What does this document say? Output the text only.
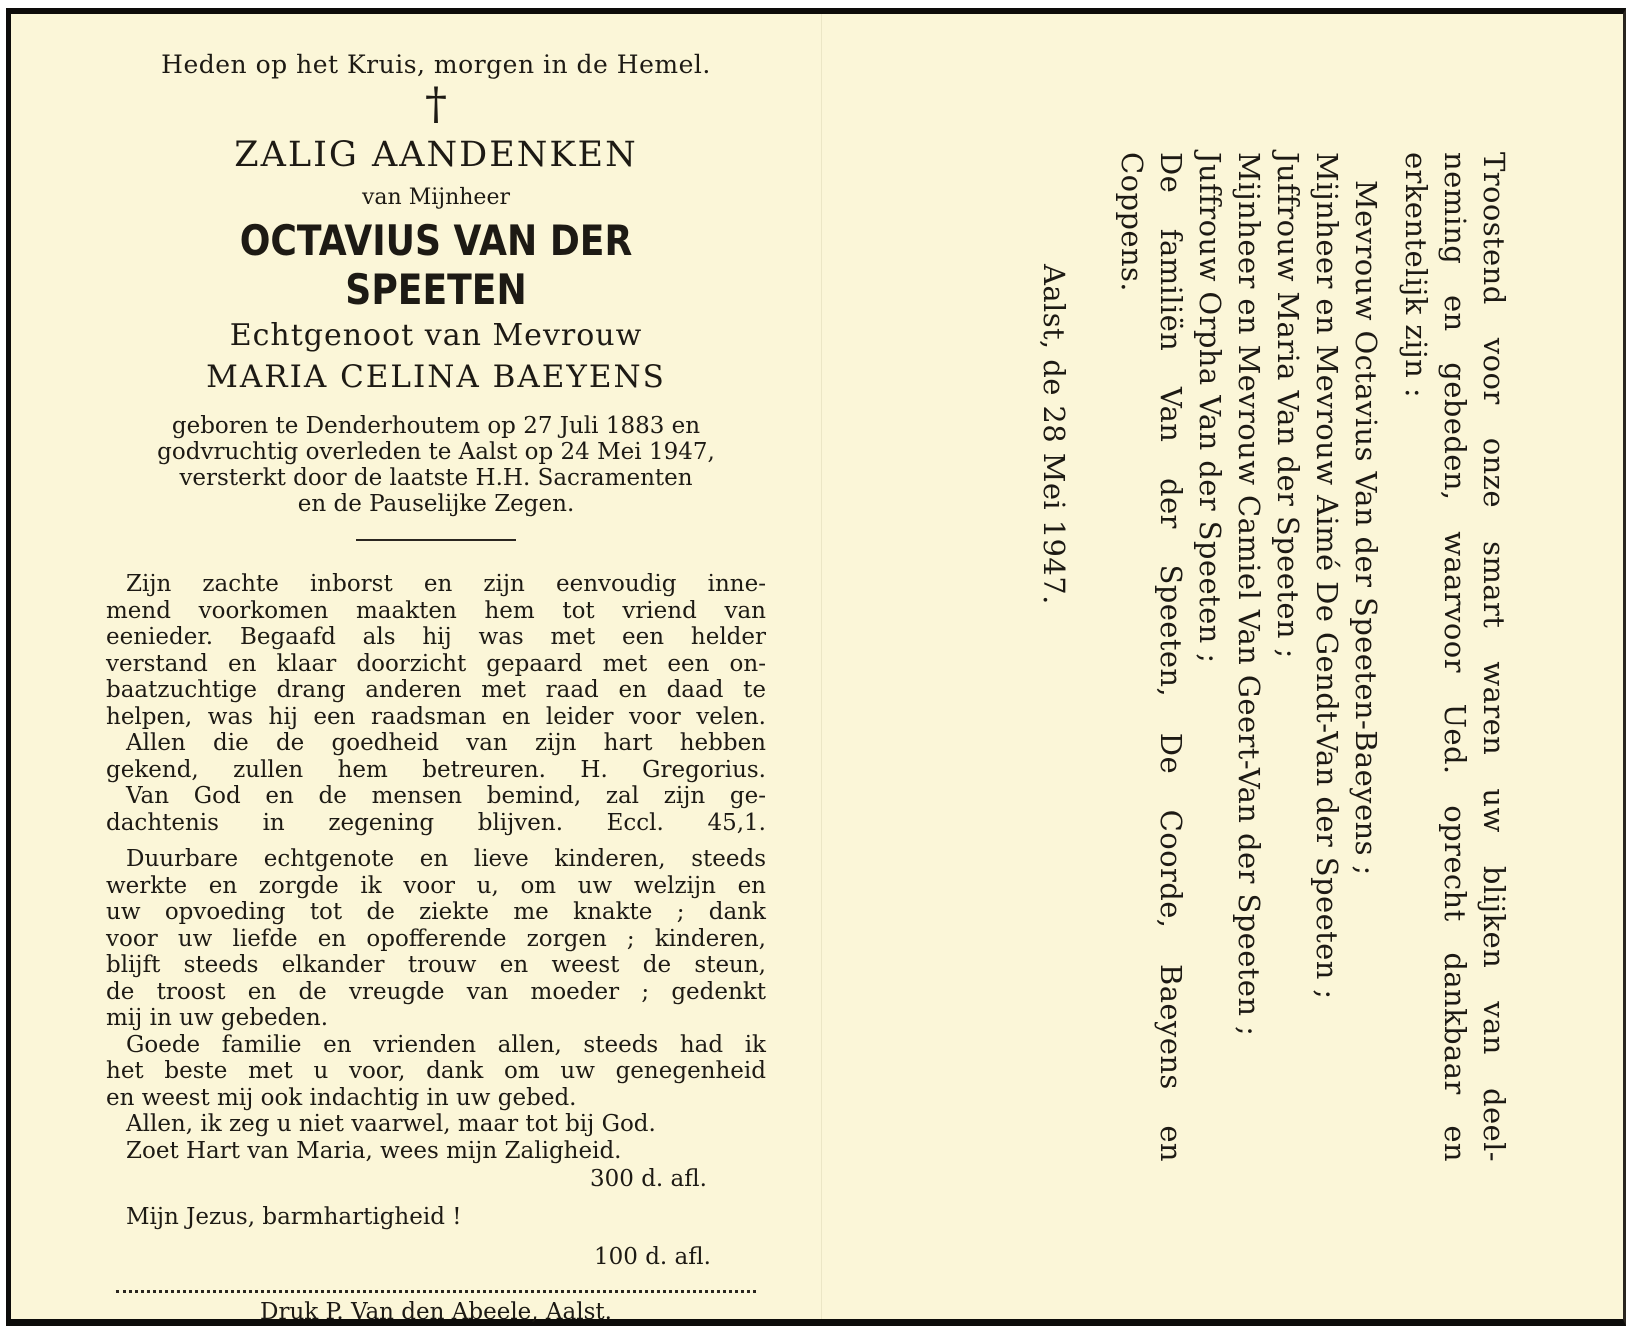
Heden op het Kruis, morgen in de Hemel.
†
ZALIG AANDENKEN
van Mijnheer
OCTAVIUS VAN DER SPEETEN
Echtgenoot van Mevrouw
MARIA CELINA BAEYENS
geboren te Denderhoutem op 27 Juli 1883 en
godvruchtig overleden te Aalst op 24 Mei 1947,
versterkt door de laatste H.H. Sacramenten
en de Pauselijke Zegen.
Zijn zachte inborst en zijn eenvoudig inne-
mend voorkomen maakten hem tot vriend van
eenieder. Begaafd als hij was met een helder
verstand en klaar doorzicht gepaard met een on-
baatzuchtige drang anderen met raad en daad te
helpen, was hij een raadsman en leider voor velen.
Allen die de goedheid van zijn hart hebben
gekend, zullen hem betreuren. H. Gregorius.
Van God en de mensen bemind, zal zijn ge-
dachtenis in zegening blijven. Eccl. 45,1.
Duurbare echtgenote en lieve kinderen, steeds
werkte en zorgde ik voor u, om uw welzijn en
uw opvoeding tot de ziekte me knakte ; dank
voor uw liefde en opofferende zorgen ; kinderen,
blijft steeds elkander trouw en weest de steun,
de troost en de vreugde van moeder ; gedenkt
mij in uw gebeden.
Goede familie en vrienden allen, steeds had ik
het beste met u voor, dank om uw genegenheid
en weest mij ook indachtig in uw gebed.
Allen, ik zeg u niet vaarwel, maar tot bij God.
Zoet Hart van Maria, wees mijn Zaligheid.
300 d. afl.
Mijn Jezus, barmhartigheid !
100 d. afl.
Druk P. Van den Abeele, Aalst.
Troostend voor onze smart waren uw blijken van deel-
neming en gebeden, waarvoor Ued. oprecht dankbaar en
erkentelijk zijn :
Mevrouw Octavius Van der Speeten-Baeyens ;
Mijnheer en Mevrouw Aimé De Gendt-Van der Speeten ;
Juffrouw Maria Van der Speeten ;
Mijnheer en Mevrouw Camiel Van Geert-Van der Speeten ;
Juffrouw Orpha Van der Speeten ;
De familiën Van der Speeten, De Coorde, Baeyens en
Coppens.
Aalst, de 28 Mei 1947.
